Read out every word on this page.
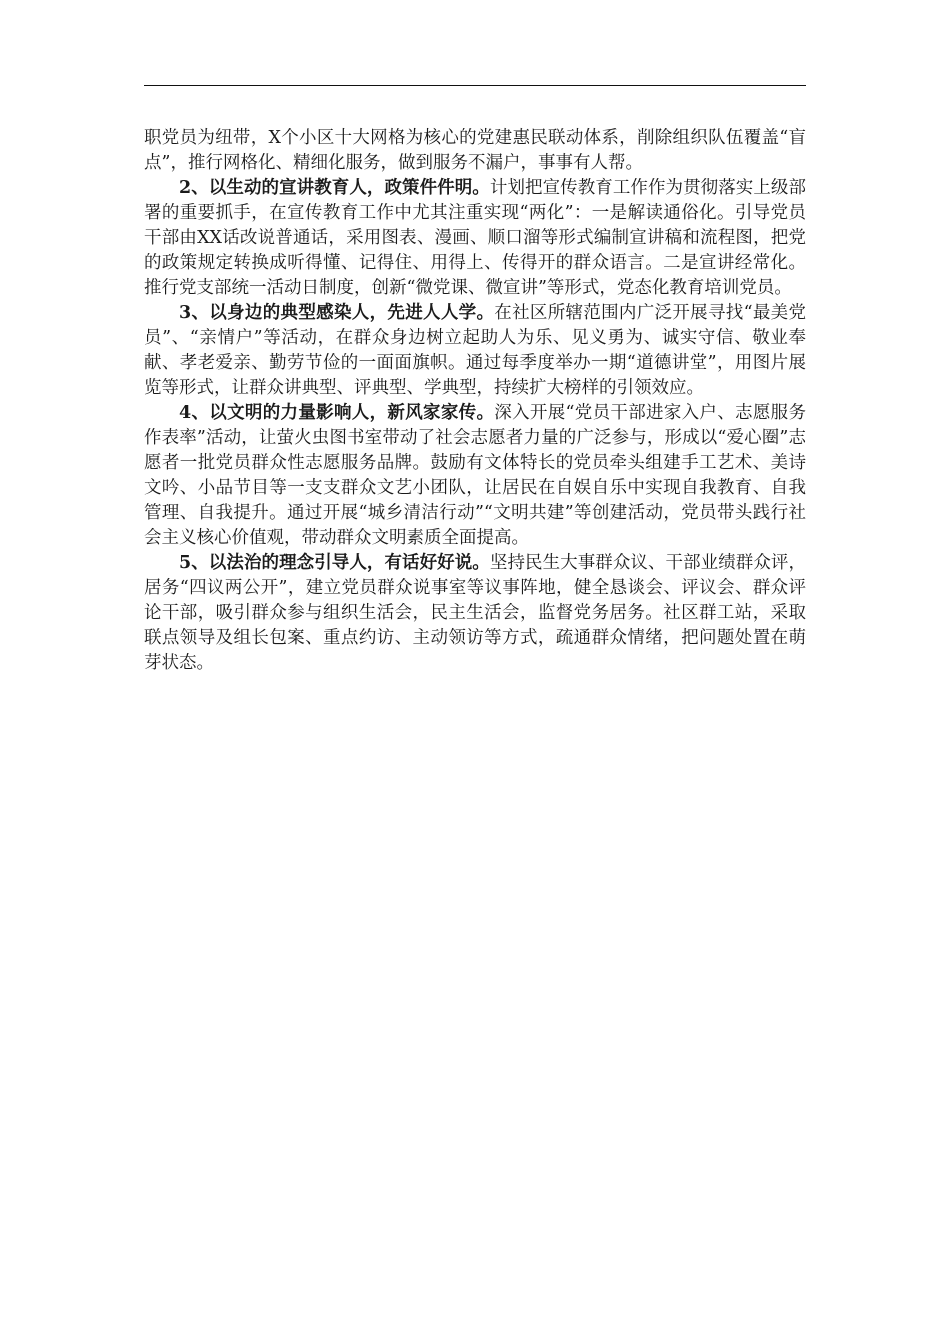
职党员为纽带，X个小区十大网格为核心的党建惠民联动体系，削除组织队伍覆盖“盲点”，推行网格化、精细化服务，做到服务不漏户，事事有人帮。

2、以生动的宣讲教育人，政策件件明。计划把宣传教育工作作为贯彻落实上级部署的重要抓手，在宣传教育工作中尤其注重实现“两化”：一是解读通俗化。引导党员干部由XX话改说普通话，采用图表、漫画、顺口溜等形式编制宣讲稿和流程图，把党的政策规定转换成听得懂、记得住、用得上、传得开的群众语言。二是宣讲经常化。推行党支部统一活动日制度，创新“微党课、微宣讲”等形式，党态化教育培训党员。

3、以身边的典型感染人，先进人人学。在社区所辖范围内广泛开展寻找“最美党员”、“亲情户”等活动，在群众身边树立起助人为乐、见义勇为、诚实守信、敬业奉献、孝老爱亲、勤劳节俭的一面面旗帜。通过每季度举办一期“道德讲堂”，用图片展览等形式，让群众讲典型、评典型、学典型，持续扩大榜样的引领效应。

4、以文明的力量影响人，新风家家传。深入开展“党员干部进家入户、志愿服务作表率”活动，让萤火虫图书室带动了社会志愿者力量的广泛参与，形成以“爱心圈”志愿者一批党员群众性志愿服务品牌。鼓励有文体特长的党员牵头组建手工艺术、美诗文吟、小品节目等一支支群众文艺小团队，让居民在自娱自乐中实现自我教育、自我管理、自我提升。通过开展“城乡清洁行动”“文明共建”等创建活动，党员带头践行社会主义核心价值观，带动群众文明素质全面提高。

5、以法治的理念引导人，有话好好说。坚持民生大事群众议、干部业绩群众评，居务“四议两公开”，建立党员群众说事室等议事阵地，健全恳谈会、评议会、群众评论干部，吸引群众参与组织生活会，民主生活会，监督党务居务。社区群工站，采取联点领导及组长包案、重点约访、主动领访等方式，疏通群众情绪，把问题处置在萌芽状态。
